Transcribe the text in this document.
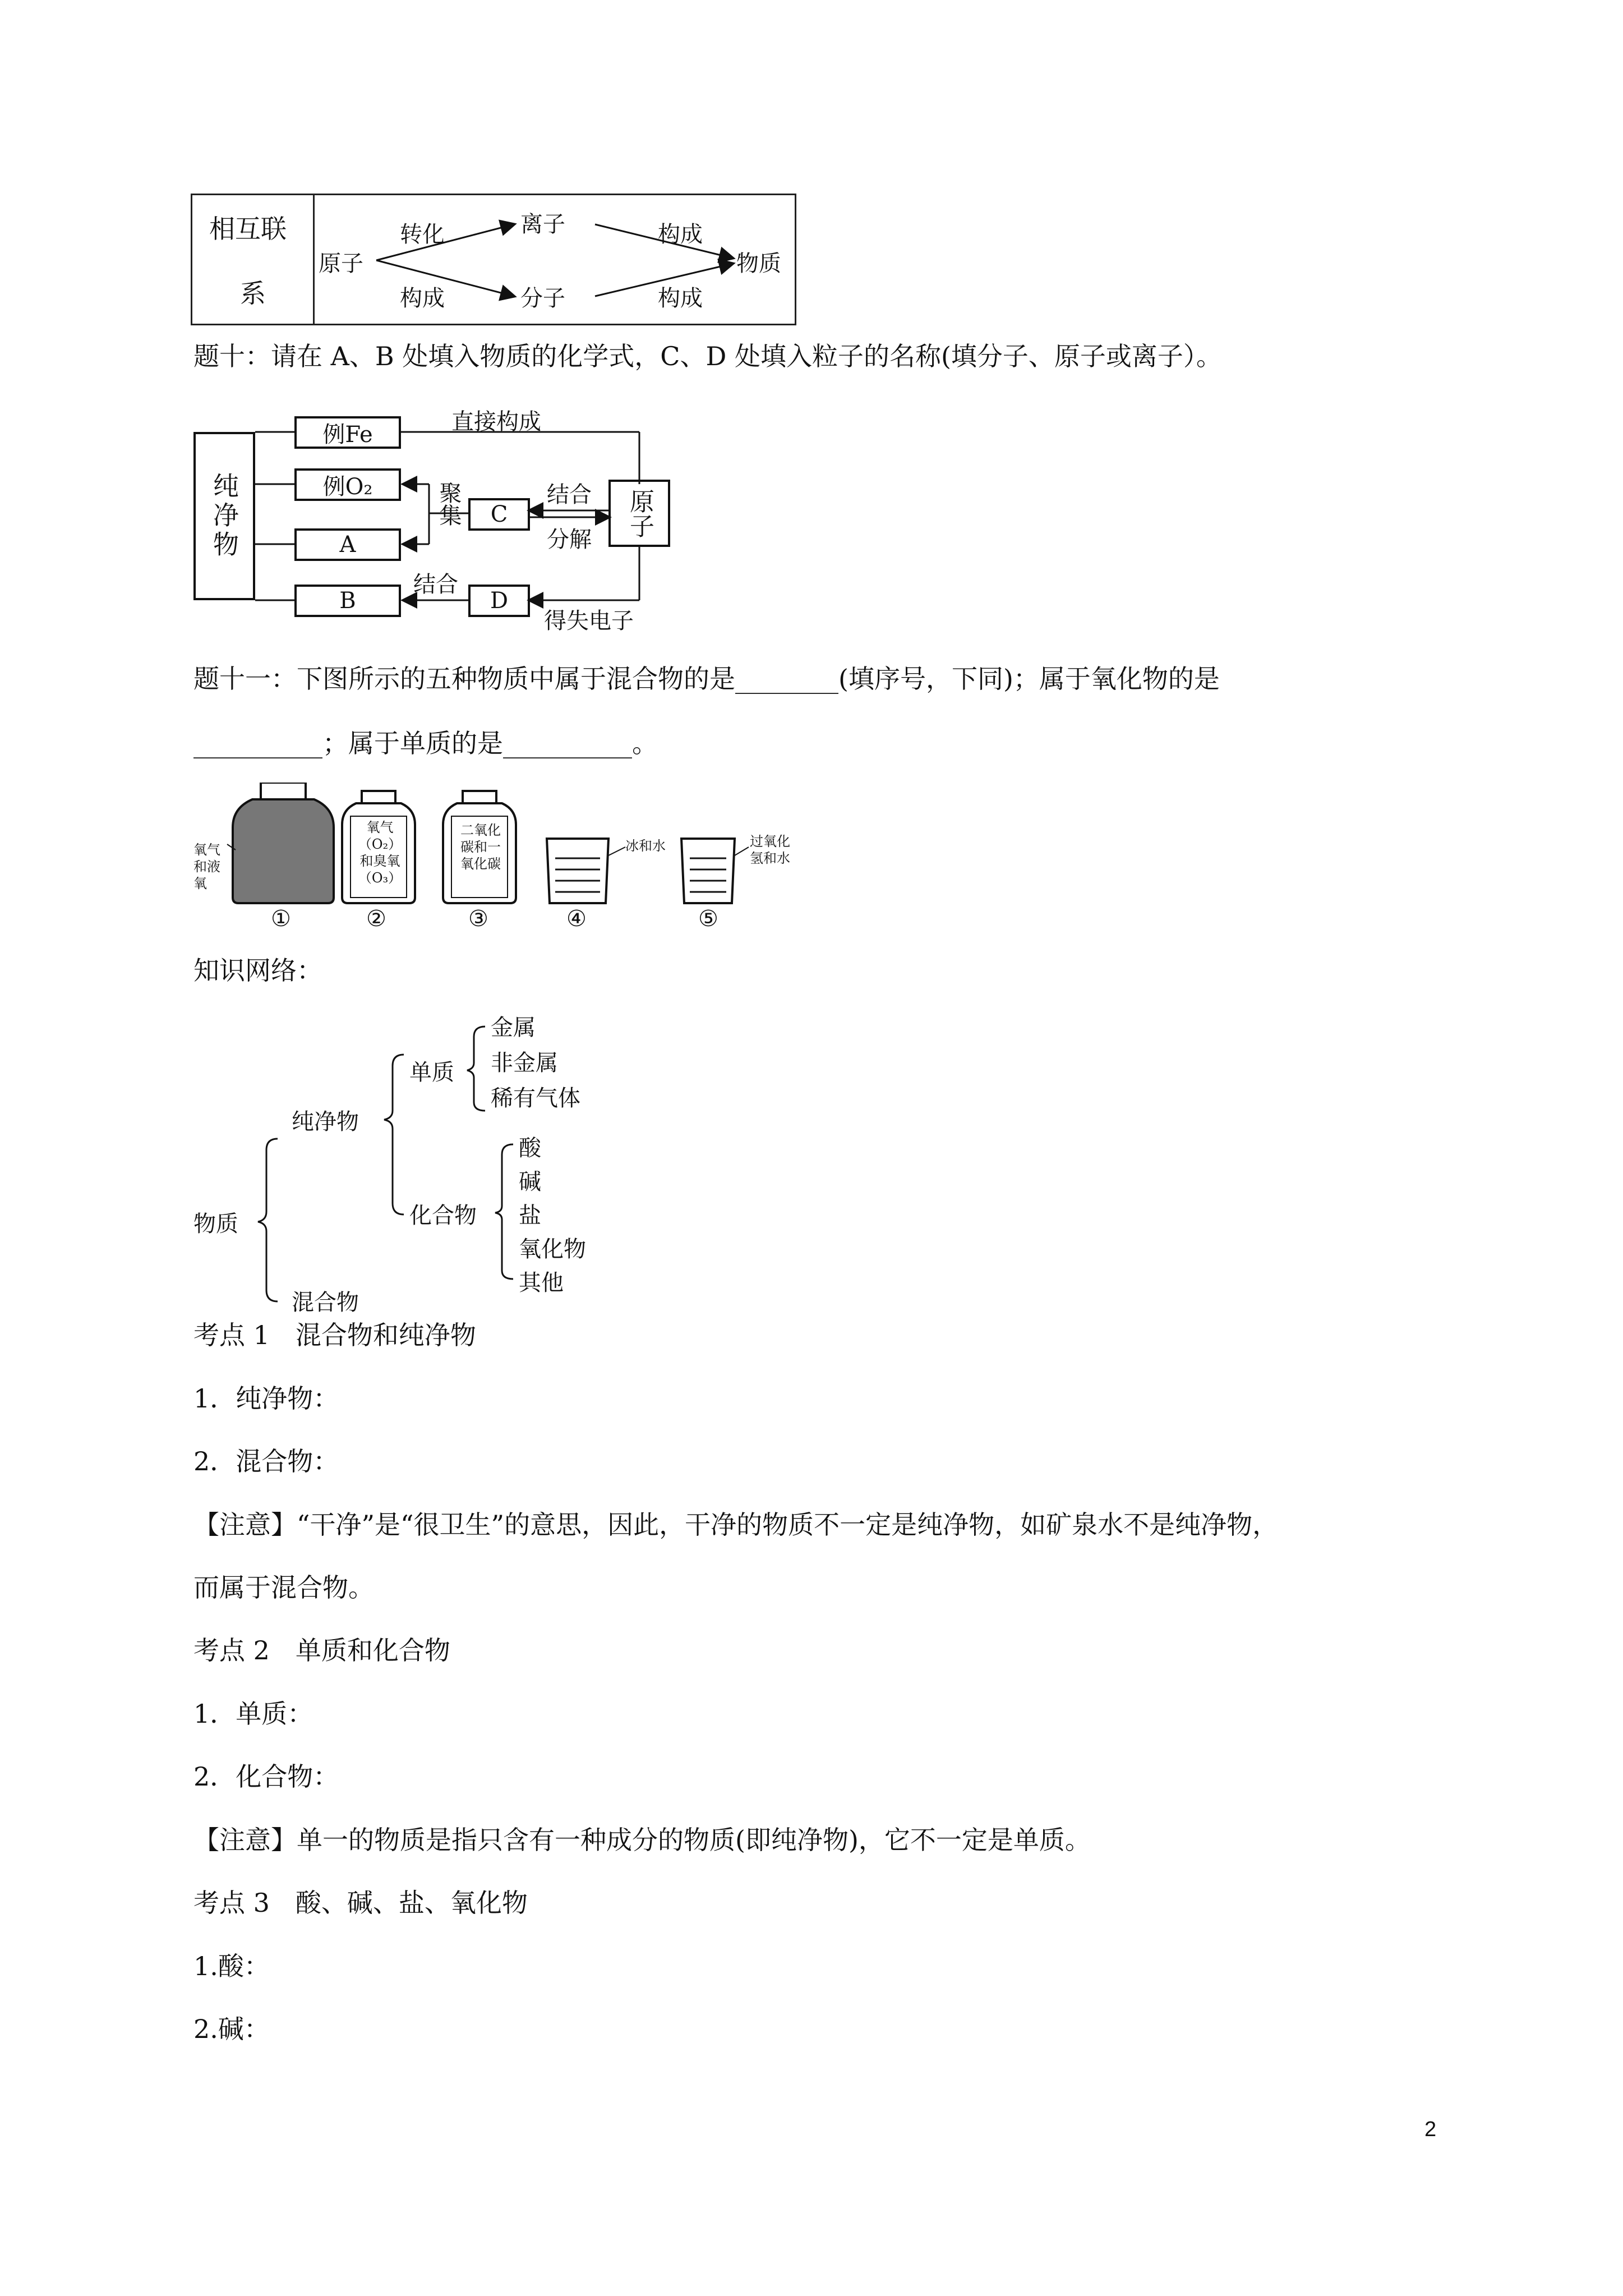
相互联
系
原子
离子
分子
物质
转化
构成
构成
构成
题十：请在 A、B 处填入物质的化学式，C、D 处填入粒子的名称(填分子、原子或离子）。
纯净物
例Fe
例O₂
A
B
C
D
原子
直接构成
聚集	结合
分解
结合
得失电子
题十一：下图所示的五种物质中属于混合物的是________(填序号，下同)；属于氧化物的是
__________；属于单质的是__________。
氧气
和液
氧
氧气
（O₂）
和臭氧
（O₃）
二氧化
碳和一
氧化碳
冰和水	过氧化
氢和水
①	②	③	④	⑤
知识网络：
物质
纯净物
混合物
单质
化合物
金属
非金属
稀有气体
酸
碱
盐
氧化物
其他
考点 1　混合物和纯净物
1．纯净物：
2．混合物：
【注意】“干净”是“很卫生”的意思，因此，干净的物质不一定是纯净物，如矿泉水不是纯净物，
而属于混合物。
考点 2　单质和化合物
1．单质：
2．化合物：
【注意】单一的物质是指只含有一种成分的物质(即纯净物)，它不一定是单质。
考点 3　酸、碱、盐、氧化物
1.酸：
2.碱：
2
